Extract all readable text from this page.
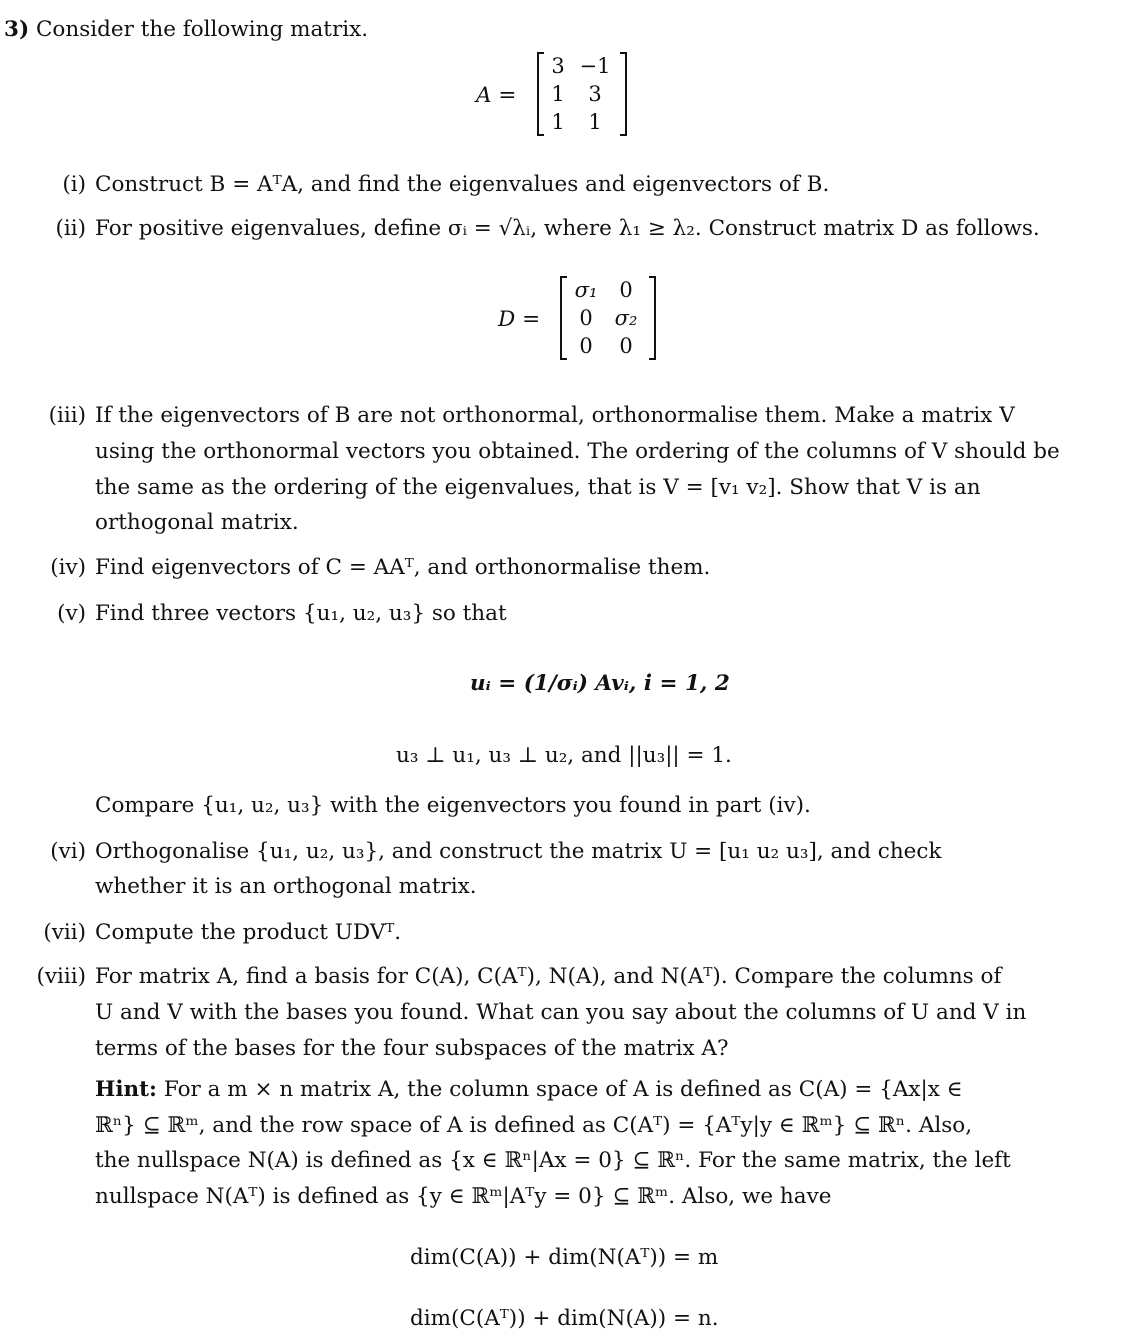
3) Consider the following matrix.
A =
3 −1
1	3
1	1
(i) Construct B = AᵀA, and find the eigenvalues and eigenvectors of B.
(ii) For positive eigenvalues, define σᵢ = √λᵢ, where λ₁ ≥ λ₂. Construct matrix D as follows.
D =
σ₁	0
0	σ₂
0	0
(iii) If the eigenvectors of B are not orthonormal, orthonormalise them. Make a matrix V
using the orthonormal vectors you obtained. The ordering of the columns of V should be
the same as the ordering of the eigenvalues, that is V = [v₁ v₂]. Show that V is an
orthogonal matrix.
(iv) Find eigenvectors of C = AAᵀ, and orthonormalise them.
(v) Find three vectors {u₁, u₂, u₃} so that
uᵢ = (1/σᵢ) Avᵢ, i = 1, 2
u₃ ⊥ u₁, u₃ ⊥ u₂, and ||u₃|| = 1.
Compare {u₁, u₂, u₃} with the eigenvectors you found in part (iv).
(vi) Orthogonalise {u₁, u₂, u₃}, and construct the matrix U = [u₁ u₂ u₃], and check
whether it is an orthogonal matrix.
(vii) Compute the product UDVᵀ.
(viii) For matrix A, find a basis for C(A), C(Aᵀ), N(A), and N(Aᵀ). Compare the columns of
U and V with the bases you found. What can you say about the columns of U and V in
terms of the bases for the four subspaces of the matrix A?
Hint: For a m × n matrix A, the column space of A is defined as C(A) = {Ax|x ∈
ℝⁿ} ⊆ ℝᵐ, and the row space of A is defined as C(Aᵀ) = {Aᵀy|y ∈ ℝᵐ} ⊆ ℝⁿ. Also,
the nullspace N(A) is defined as {x ∈ ℝⁿ|Ax = 0} ⊆ ℝⁿ. For the same matrix, the left
nullspace N(Aᵀ) is defined as {y ∈ ℝᵐ|Aᵀy = 0} ⊆ ℝᵐ. Also, we have
dim(C(A)) + dim(N(Aᵀ)) = m
dim(C(Aᵀ)) + dim(N(A)) = n.
